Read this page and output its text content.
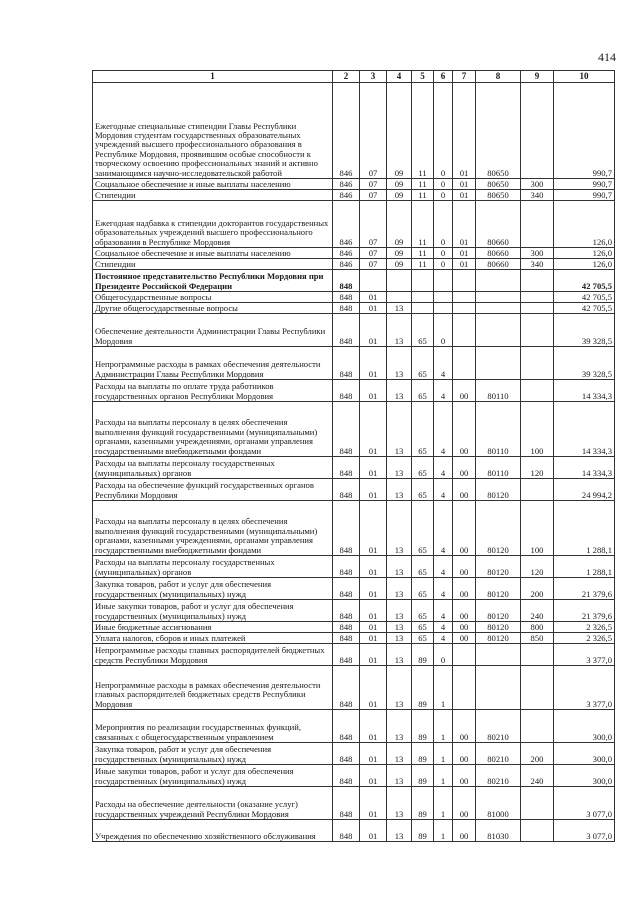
414
1	2	3	4	5	6	7	8	9	10
Ежегодные специальные стипендии Главы Республики Мордовия студентам государственных образовательных учреждений высшего профессионального образования в Республике Мордовия, проявившим особые способности к творческому освоению профессиональных знаний и активно занимающимся научно-исследовательской работой	846	07	09	11	0	01	80650		990,7
Социальное обеспечение и иные выплаты населению	846	07	09	11	0	01	80650	300	990,7
Стипендии	846	07	09	11	0	01	80650	340	990,7
Ежегодная надбавка к стипендии докторантов государственных образовательных учреждений высшего профессионального образования в Республике Мордовия	846	07	09	11	0	01	80660		126,0
Социальное обеспечение и иные выплаты населению	846	07	09	11	0	01	80660	300	126,0
Стипендии	846	07	09	11	0	01	80660	340	126,0
Постоянное представительство Республики Мордовия при Президенте Российской Федерации	848								42 705,5
Общегосударственные вопросы	848	01							42 705,5
Другие общегосударственные вопросы	848	01	13						42 705,5
Обеспечение деятельности Администрации Главы Республики Мордовия	848	01	13	65	0				39 328,5
Непрограммные расходы в рамках обеспечения деятельности Администрации Главы Республики Мордовия	848	01	13	65	4				39 328,5
Расходы на выплаты по оплате труда работников государственных органов Республики Мордовия	848	01	13	65	4	00	80110		14 334,3
Расходы на выплаты персоналу в целях обеспечения выполнения функций государственными (муниципальными) органами, казенными учреждениями, органами управления государственными внебюджетными фондами	848	01	13	65	4	00	80110	100	14 334,3
Расходы на выплаты персоналу государственных (муниципальных) органов	848	01	13	65	4	00	80110	120	14 334,3
Расходы на обеспечение функций государственных органов Республики Мордовия	848	01	13	65	4	00	80120		24 994,2
Расходы на выплаты персоналу в целях обеспечения выполнения функций государственными (муниципальными) органами, казенными учреждениями, органами управления государственными внебюджетными фондами	848	01	13	65	4	00	80120	100	1 288,1
Расходы на выплаты персоналу государственных (муниципальных) органов	848	01	13	65	4	00	80120	120	1 288,1
Закупка товаров, работ и услуг для обеспечения государственных (муниципальных) нужд	848	01	13	65	4	00	80120	200	21 379,6
Иные закупки товаров, работ и услуг для обеспечения государственных (муниципальных) нужд	848	01	13	65	4	00	80120	240	21 379,6
Иные бюджетные ассигнования	848	01	13	65	4	00	80120	800	2 326,5
Уплата налогов, сборов и иных платежей	848	01	13	65	4	00	80120	850	2 326,5
Непрограммные расходы главных распорядителей бюджетных средств Республики Мордовия	848	01	13	89	0				3 377,0
Непрограммные расходы в рамках обеспечения деятельности главных распорядителей бюджетных средств Республики Мордовия	848	01	13	89	1				3 377,0
Мероприятия по реализации государственных функций, связанных с общегосударственным управлением	848	01	13	89	1	00	80210		300,0
Закупка товаров, работ и услуг для обеспечения государственных (муниципальных) нужд	848	01	13	89	1	00	80210	200	300,0
Иные закупки товаров, работ и услуг для обеспечения государственных (муниципальных) нужд	848	01	13	89	1	00	80210	240	300,0
Расходы на обеспечение деятельности (оказание услуг) государственных учреждений Республики Мордовия	848	01	13	89	1	00	81000		3 077,0
Учреждения по обеспечению хозяйственного обслуживания	848	01	13	89	1	00	81030		3 077,0
